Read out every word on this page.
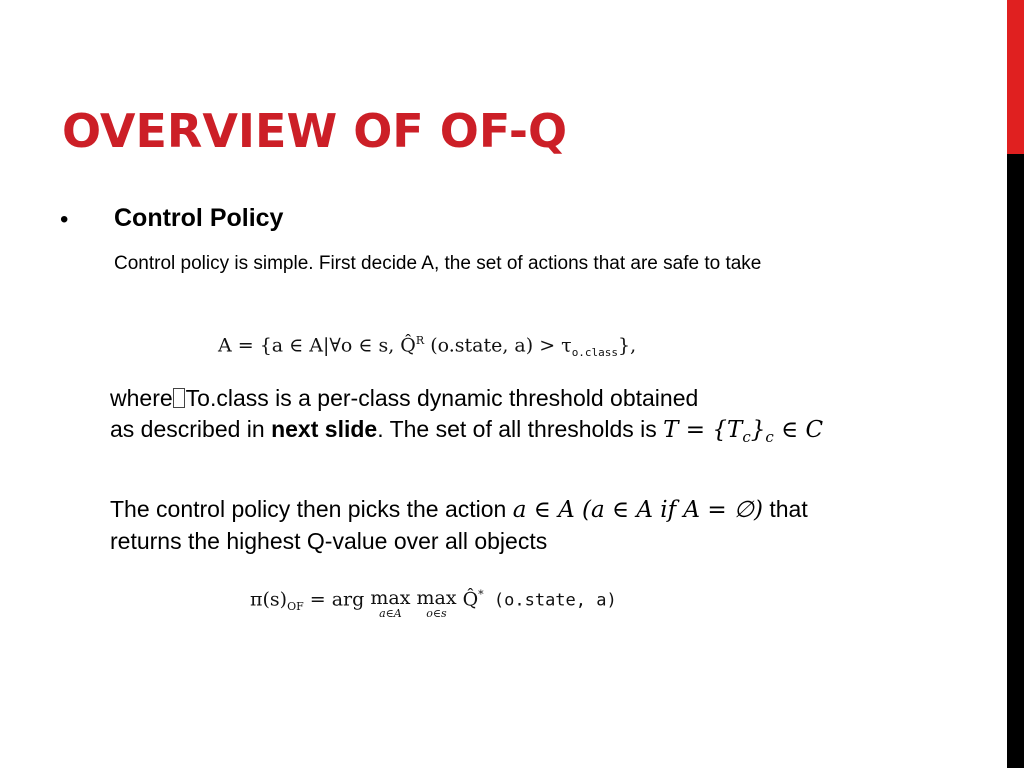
OVERVIEW OF OF-Q
• Control Policy
Control policy is simple. First decide A, the set of actions that are safe to take
A = {a ∈ A|∀o ∈ s, Q̂$^R$ (o.state, $a) > \tau_{o.class}$},
where To.class is a per-class dynamic threshold obtained
as described in next slide. The set of all thresholds is $T = \{T_c\}_c$ ∈ C
The control policy then picks the action a ∈ A (a ∈ A if A = ∅) that
returns the highest Q-value over all objects
$\pi(s)_{OF}$ = arg max
a∈A
max
o∈s
Q̂* (o.state, a)
